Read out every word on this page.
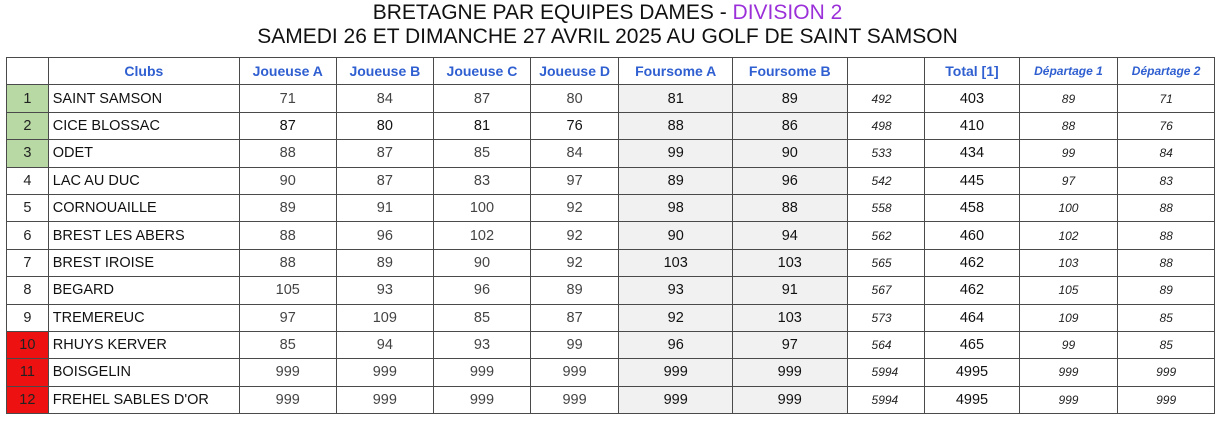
BRETAGNE PAR EQUIPES DAMES - DIVISION 2
SAMEDI 26 ET DIMANCHE 27 AVRIL 2025 AU GOLF DE SAINT SAMSON
	Clubs	Joueuse A	Joueuse B	Joueuse C	Joueuse D	Foursome A	Foursome B		Total [1]	Départage 1	Départage 2
1	SAINT SAMSON	71	84	87	80	81	89	492	403	89	71
2	CICE BLOSSAC	87	80	81	76	88	86	498	410	88	76
3	ODET	88	87	85	84	99	90	533	434	99	84
4	LAC AU DUC	90	87	83	97	89	96	542	445	97	83
5	CORNOUAILLE	89	91	100	92	98	88	558	458	100	88
6	BREST LES ABERS	88	96	102	92	90	94	562	460	102	88
7	BREST IROISE	88	89	90	92	103	103	565	462	103	88
8	BEGARD	105	93	96	89	93	91	567	462	105	89
9	TREMEREUC	97	109	85	87	92	103	573	464	109	85
10	RHUYS KERVER	85	94	93	99	96	97	564	465	99	85
11	BOISGELIN	999	999	999	999	999	999	5994	4995	999	999
12	FREHEL SABLES D'OR	999	999	999	999	999	999	5994	4995	999	999
